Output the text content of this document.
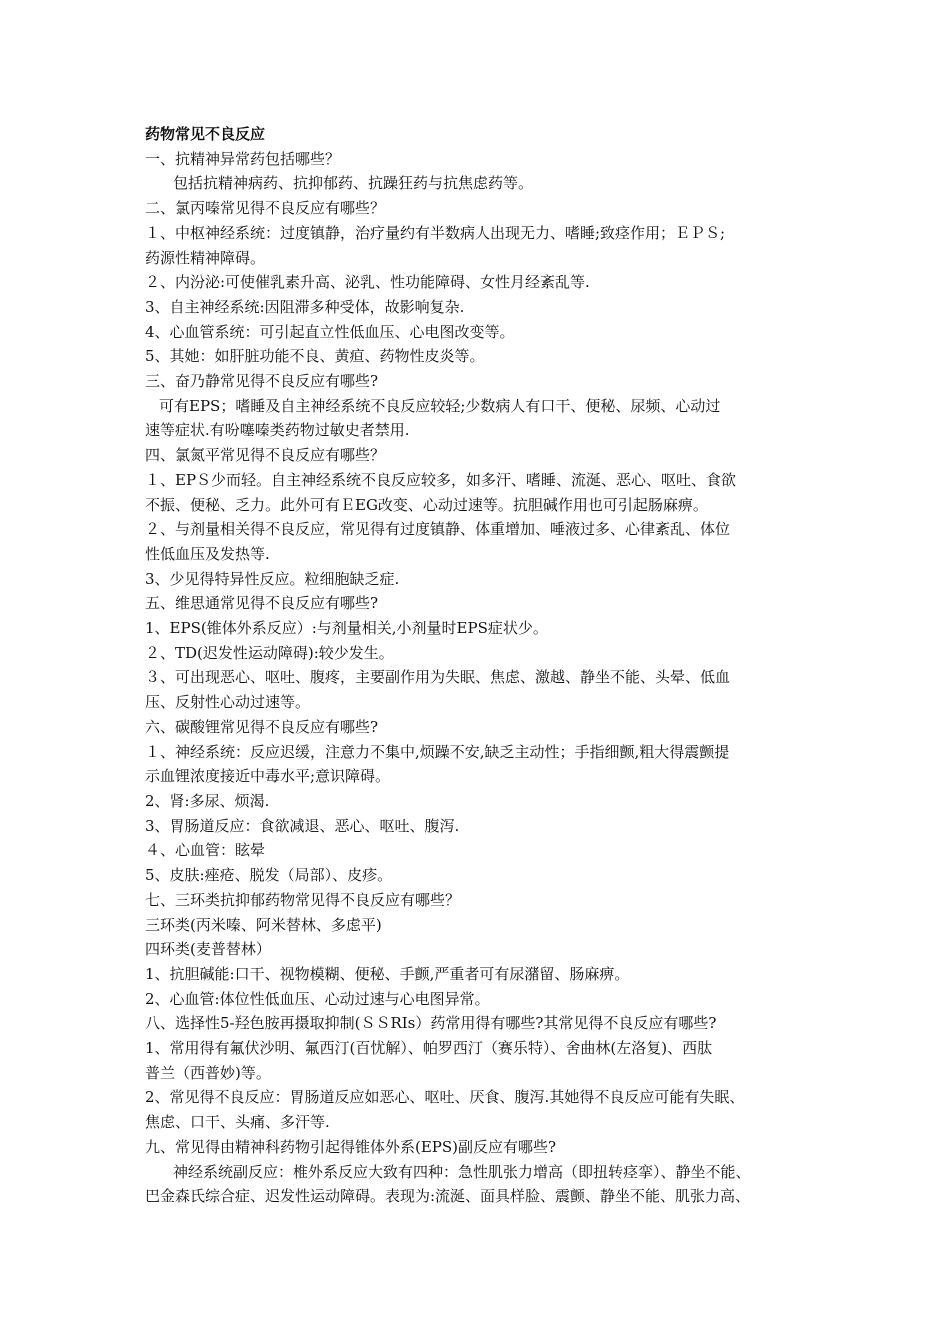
药物常见不良反应
一、抗精神异常药包括哪些？
包括抗精神病药、抗抑郁药、抗躁狂药与抗焦虑药等。
二、氯丙嗪常见得不良反应有哪些？
１、中枢神经系统：过度镇静，治疗量约有半数病人出现无力、嗜睡;致痉作用；ＥＰＳ;
药源性精神障碍。
２、内汾泌:可使催乳素升高、泌乳、性功能障碍、女性月经紊乱等.
3、自主神经系统:因阻滞多种受体，故影响复杂.
4、心血管系统：可引起直立性低血压、心电图改变等。
5、其她：如肝脏功能不良、黄疸、药物性皮炎等。
三、奋乃静常见得不良反应有哪些?
可有EPS；嗜睡及自主神经系统不良反应较轻;少数病人有口干、便秘、尿频、心动过
速等症状.有吩噻嗪类药物过敏史者禁用.
四、氯氮平常见得不良反应有哪些？
１、EPＳ少而轻。自主神经系统不良反应较多，如多汗、嗜睡、流涎、恶心、呕吐、食欲
不振、便秘、乏力。此外可有ＥEG改变、心动过速等。抗胆碱作用也可引起肠麻痹。
２、与剂量相关得不良反应，常见得有过度镇静、体重增加、唾液过多、心律紊乱、体位
性低血压及发热等.
3、少见得特异性反应。粒细胞缺乏症.
五、维思通常见得不良反应有哪些?
1、EPS(锥体外系反应）:与剂量相关,小剂量时EPS症状少。
２、TD(迟发性运动障碍):较少发生。
３、可出现恶心、呕吐、腹疼，主要副作用为失眠、焦虑、激越、静坐不能、头晕、低血
压、反射性心动过速等。
六、碳酸锂常见得不良反应有哪些?
１、神经系统：反应迟缓，注意力不集中,烦躁不安,缺乏主动性；手指细颤,粗大得震颤提
示血锂浓度接近中毒水平;意识障碍。
2、肾:多尿、烦渴.
3、胃肠道反应：食欲减退、恶心、呕吐、腹泻.
４、心血管：眩晕
5、皮肤:痤疮、脱发（局部）、皮疹。
七、三环类抗抑郁药物常见得不良反应有哪些？
三环类(丙米嗪、阿米替林、多虑平)
四环类(麦普替林）
1、抗胆碱能:口干、视物模糊、便秘、手颤,严重者可有尿潴留、肠麻痹。
2、心血管:体位性低血压、心动过速与心电图异常。
八、选择性5-羟色胺再摄取抑制(ＳＳRIs）药常用得有哪些?其常见得不良反应有哪些?
1、常用得有氟伏沙明、氟西汀(百忧解）、帕罗西汀（赛乐特）、舍曲林(左洛复)、西肽
普兰（西普妙)等。
2、常见得不良反应：胃肠道反应如恶心、呕吐、厌食、腹泻.其她得不良反应可能有失眠、
焦虑、口干、头痛、多汗等.
九、常见得由精神科药物引起得锥体外系(EPS)副反应有哪些?
神经系统副反应：椎外系反应大致有四种：急性肌张力增高（即扭转痉挛）、静坐不能、
巴金森氏综合症、迟发性运动障碍。表现为:流涎、面具样脸、震颤、静坐不能、肌张力高、
